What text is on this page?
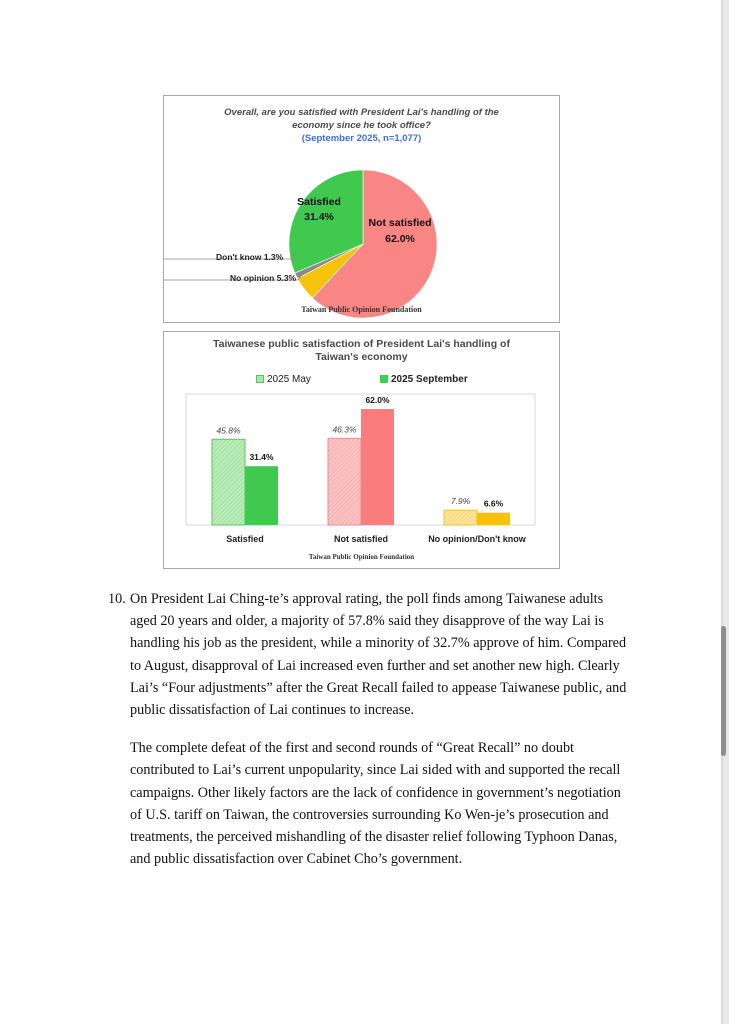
Overall, are you satisfied with President Lai's handling of the
economy since he took office?
(September 2025, n=1,077)
Satisfied
31.4%	Not satisfied
62.0%
Don't know 1.3%
No opinion 5.3%
Taiwan Public Opinion Foundation
Taiwanese public satisfaction of President Lai's handling of
Taiwan's economy
2025 May	2025 September
45.8%
31.4%
Satisfied
46.3%
62.0%
Not satisfied
7.9% 6.6%
No opinion/Don't know
Taiwan Public Opinion Foundation
10. On President Lai Ching-te’s approval rating, the poll finds among Taiwanese adults aged 20 years and older, a majority of 57.8% said they disapprove of the way Lai is handling his job as the president, while a minority of 32.7% approve of him. Compared to August, disapproval of Lai increased even further and set another new high. Clearly Lai’s “Four adjustments” after the Great Recall failed to appease Taiwanese public, and public dissatisfaction of Lai continues to increase.

The complete defeat of the first and second rounds of “Great Recall” no doubt contributed to Lai’s current unpopularity, since Lai sided with and supported the recall campaigns. Other likely factors are the lack of confidence in government’s negotiation of U.S. tariff on Taiwan, the controversies surrounding Ko Wen-je’s prosecution and treatments, the perceived mishandling of the disaster relief following Typhoon Danas, and public dissatisfaction over Cabinet Cho’s government.
